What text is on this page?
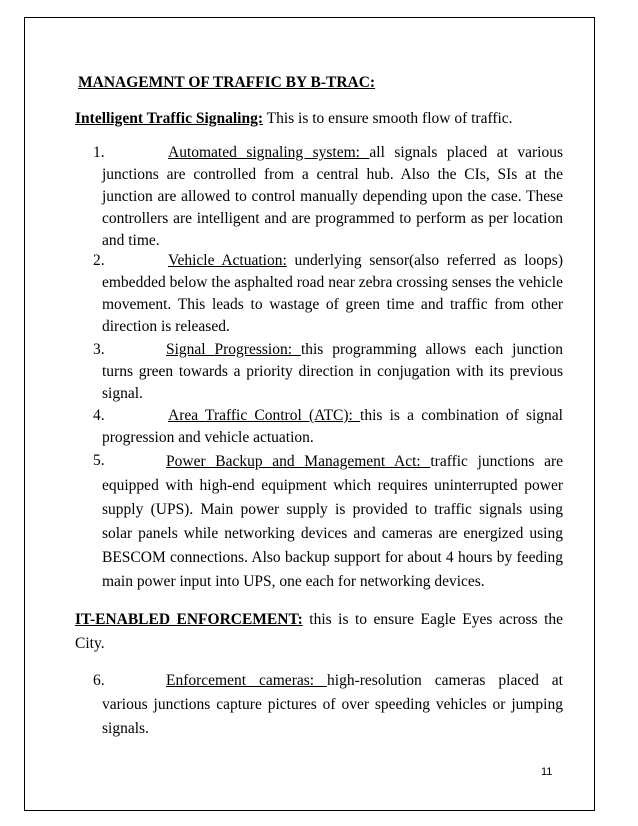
MANAGEMNT OF TRAFFIC BY B-TRAC:
Intelligent Traffic Signaling: This is to ensure smooth flow of traffic.
1.	Automated signaling system: all signals placed at various junctions are controlled from a central hub. Also the CIs, SIs at the junction are allowed to control manually depending upon the case. These controllers are intelligent and are programmed to perform as per location and time.
2.	Vehicle Actuation: underlying sensor(also referred as loops) embedded below the asphalted road near zebra crossing senses the vehicle movement. This leads to wastage of green time and traffic from other direction is released.
3.	Signal Progression: this programming allows each junction turns green towards a priority direction in conjugation with its previous signal.
4.	Area Traffic Control (ATC): this is a combination of signal progression and vehicle actuation.
5.	Power Backup and Management Act: traffic junctions are equipped with high-end equipment which requires uninterrupted power supply (UPS). Main power supply is provided to traffic signals using solar panels while networking devices and cameras are energized using BESCOM connections. Also backup support for about 4 hours by feeding main power input into UPS, one each for networking devices.
IT-ENABLED ENFORCEMENT: this is to ensure Eagle Eyes across the City.
6.	Enforcement cameras: high-resolution cameras placed at various junctions capture pictures of over speeding vehicles or jumping signals.
11
